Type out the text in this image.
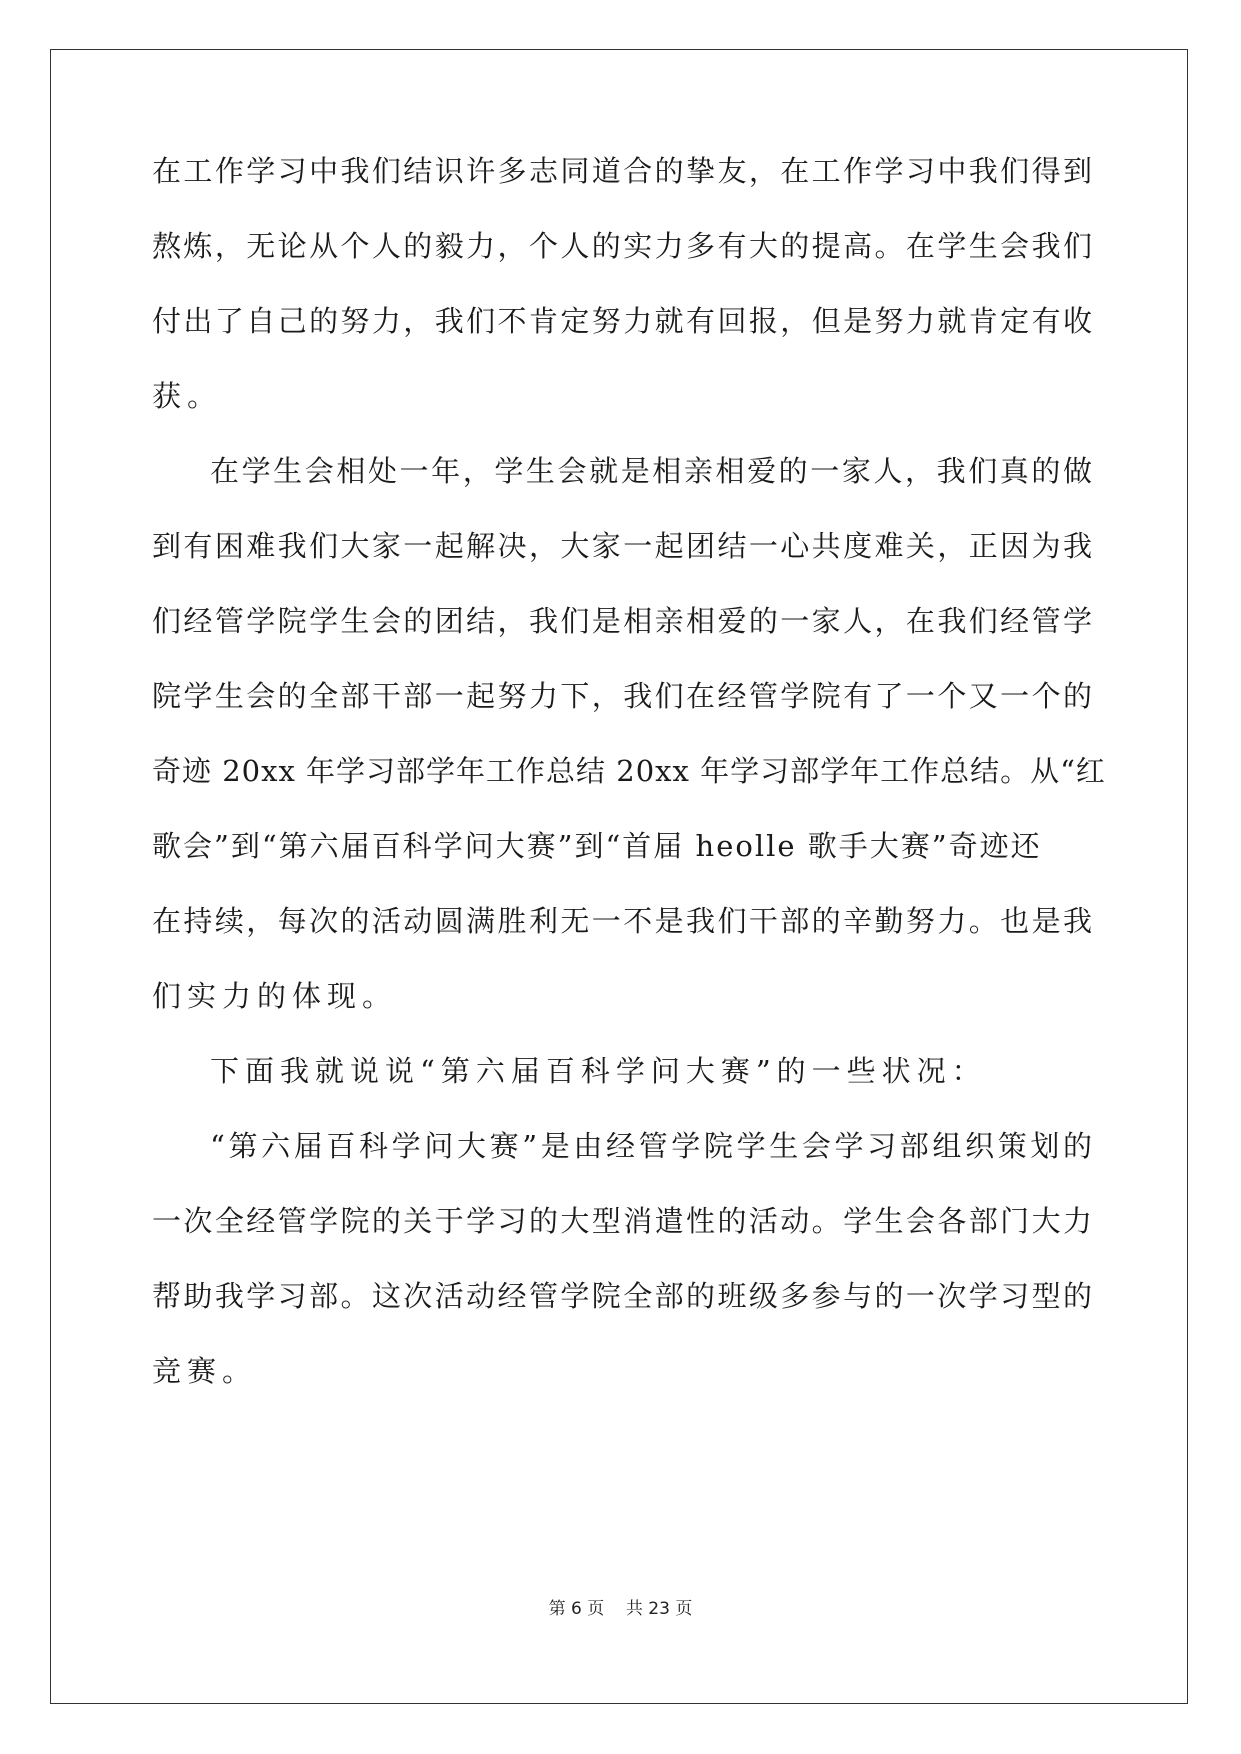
在工作学习中我们结识许多志同道合的挚友，在工作学习中我们得到
熬炼，无论从个人的毅力，个人的实力多有大的提高。在学生会我们
付出了自己的努力，我们不肯定努力就有回报，但是努力就肯定有收
获。
在学生会相处一年，学生会就是相亲相爱的一家人，我们真的做
到有困难我们大家一起解决，大家一起团结一心共度难关，正因为我
们经管学院学生会的团结，我们是相亲相爱的一家人，在我们经管学
院学生会的全部干部一起努力下，我们在经管学院有了一个又一个的
奇迹 20xx 年学习部学年工作总结 20xx 年学习部学年工作总结。从“红
歌会”到“第六届百科学问大赛”到“首届 heolle 歌手大赛”奇迹还
在持续，每次的活动圆满胜利无一不是我们干部的辛勤努力。也是我
们实力的体现。
下面我就说说“第六届百科学问大赛”的一些状况：
“第六届百科学问大赛”是由经管学院学生会学习部组织策划的
一次全经管学院的关于学习的大型消遣性的活动。学生会各部门大力
帮助我学习部。这次活动经管学院全部的班级多参与的一次学习型的
竞赛。
第 6 页    共 23 页
